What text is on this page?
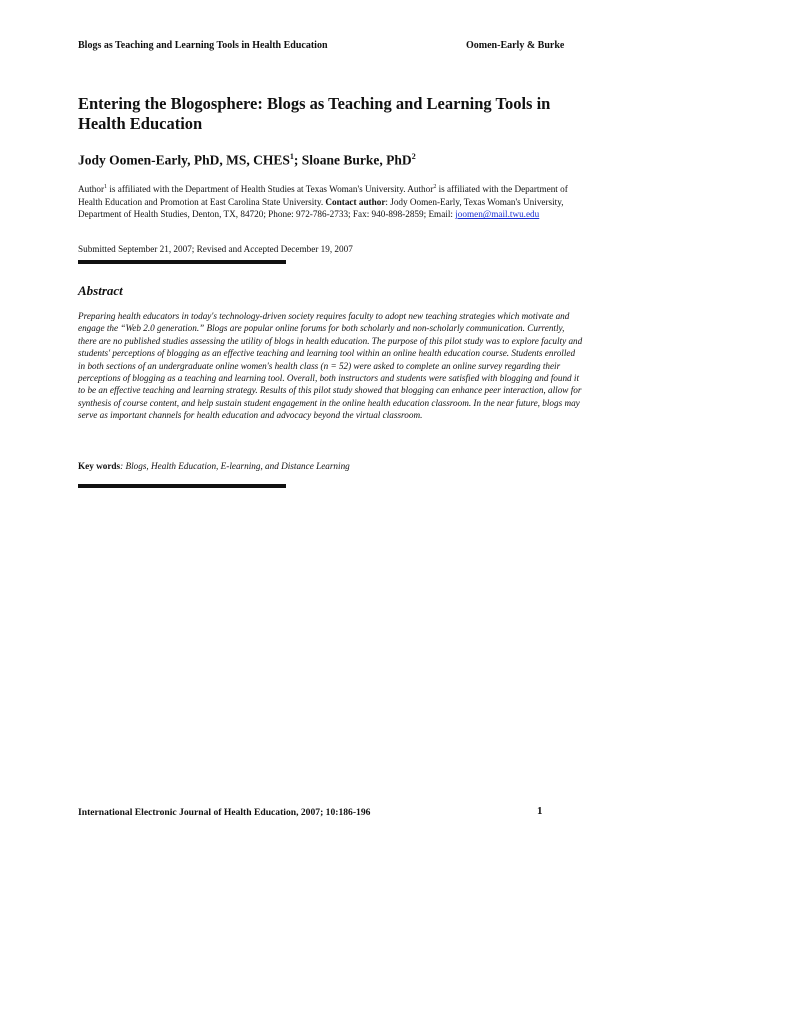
Blogs as Teaching and Learning Tools in Health Education	Oomen-Early & Burke
Entering the Blogosphere: Blogs as Teaching and Learning Tools in Health Education

Jody Oomen-Early, PhD, MS, CHES$^1$; Sloane Burke, PhD$^2$

Author$^1$ is affiliated with the Department of Health Studies at Texas Woman's University. Author$^2$ is affiliated with the Department of Health Education and Promotion at East Carolina State University. Contact author: Jody Oomen-Early, Texas Woman's University, Department of Health Studies, Denton, TX, 84720; Phone: 972-786-2733; Fax: 940-898-2859; Email: joomen@mail.twu.edu

Submitted September 21, 2007; Revised and Accepted December 19, 2007

Abstract

Preparing health educators in today's technology-driven society requires faculty to adopt new teaching strategies which motivate and engage the “Web 2.0 generation.” Blogs are popular online forums for both scholarly and non-scholarly communication. Currently, there are no published studies assessing the utility of blogs in health education. The purpose of this pilot study was to explore faculty and students' perceptions of blogging as an effective teaching and learning tool within an online health education course. Students enrolled in both sections of an undergraduate online women's health class (n = 52) were asked to complete an online survey regarding their perceptions of blogging as a teaching and learning tool. Overall, both instructors and students were satisfied with blogging and found it to be an effective teaching and learning strategy. Results of this pilot study showed that blogging can enhance peer interaction, allow for synthesis of course content, and help sustain student engagement in the online health education classroom. In the near future, blogs may serve as important channels for health education and advocacy beyond the virtual classroom.

Key words: Blogs, Health Education, E-learning, and Distance Learning

International Electronic Journal of Health Education, 2007; 10:186-196	1
